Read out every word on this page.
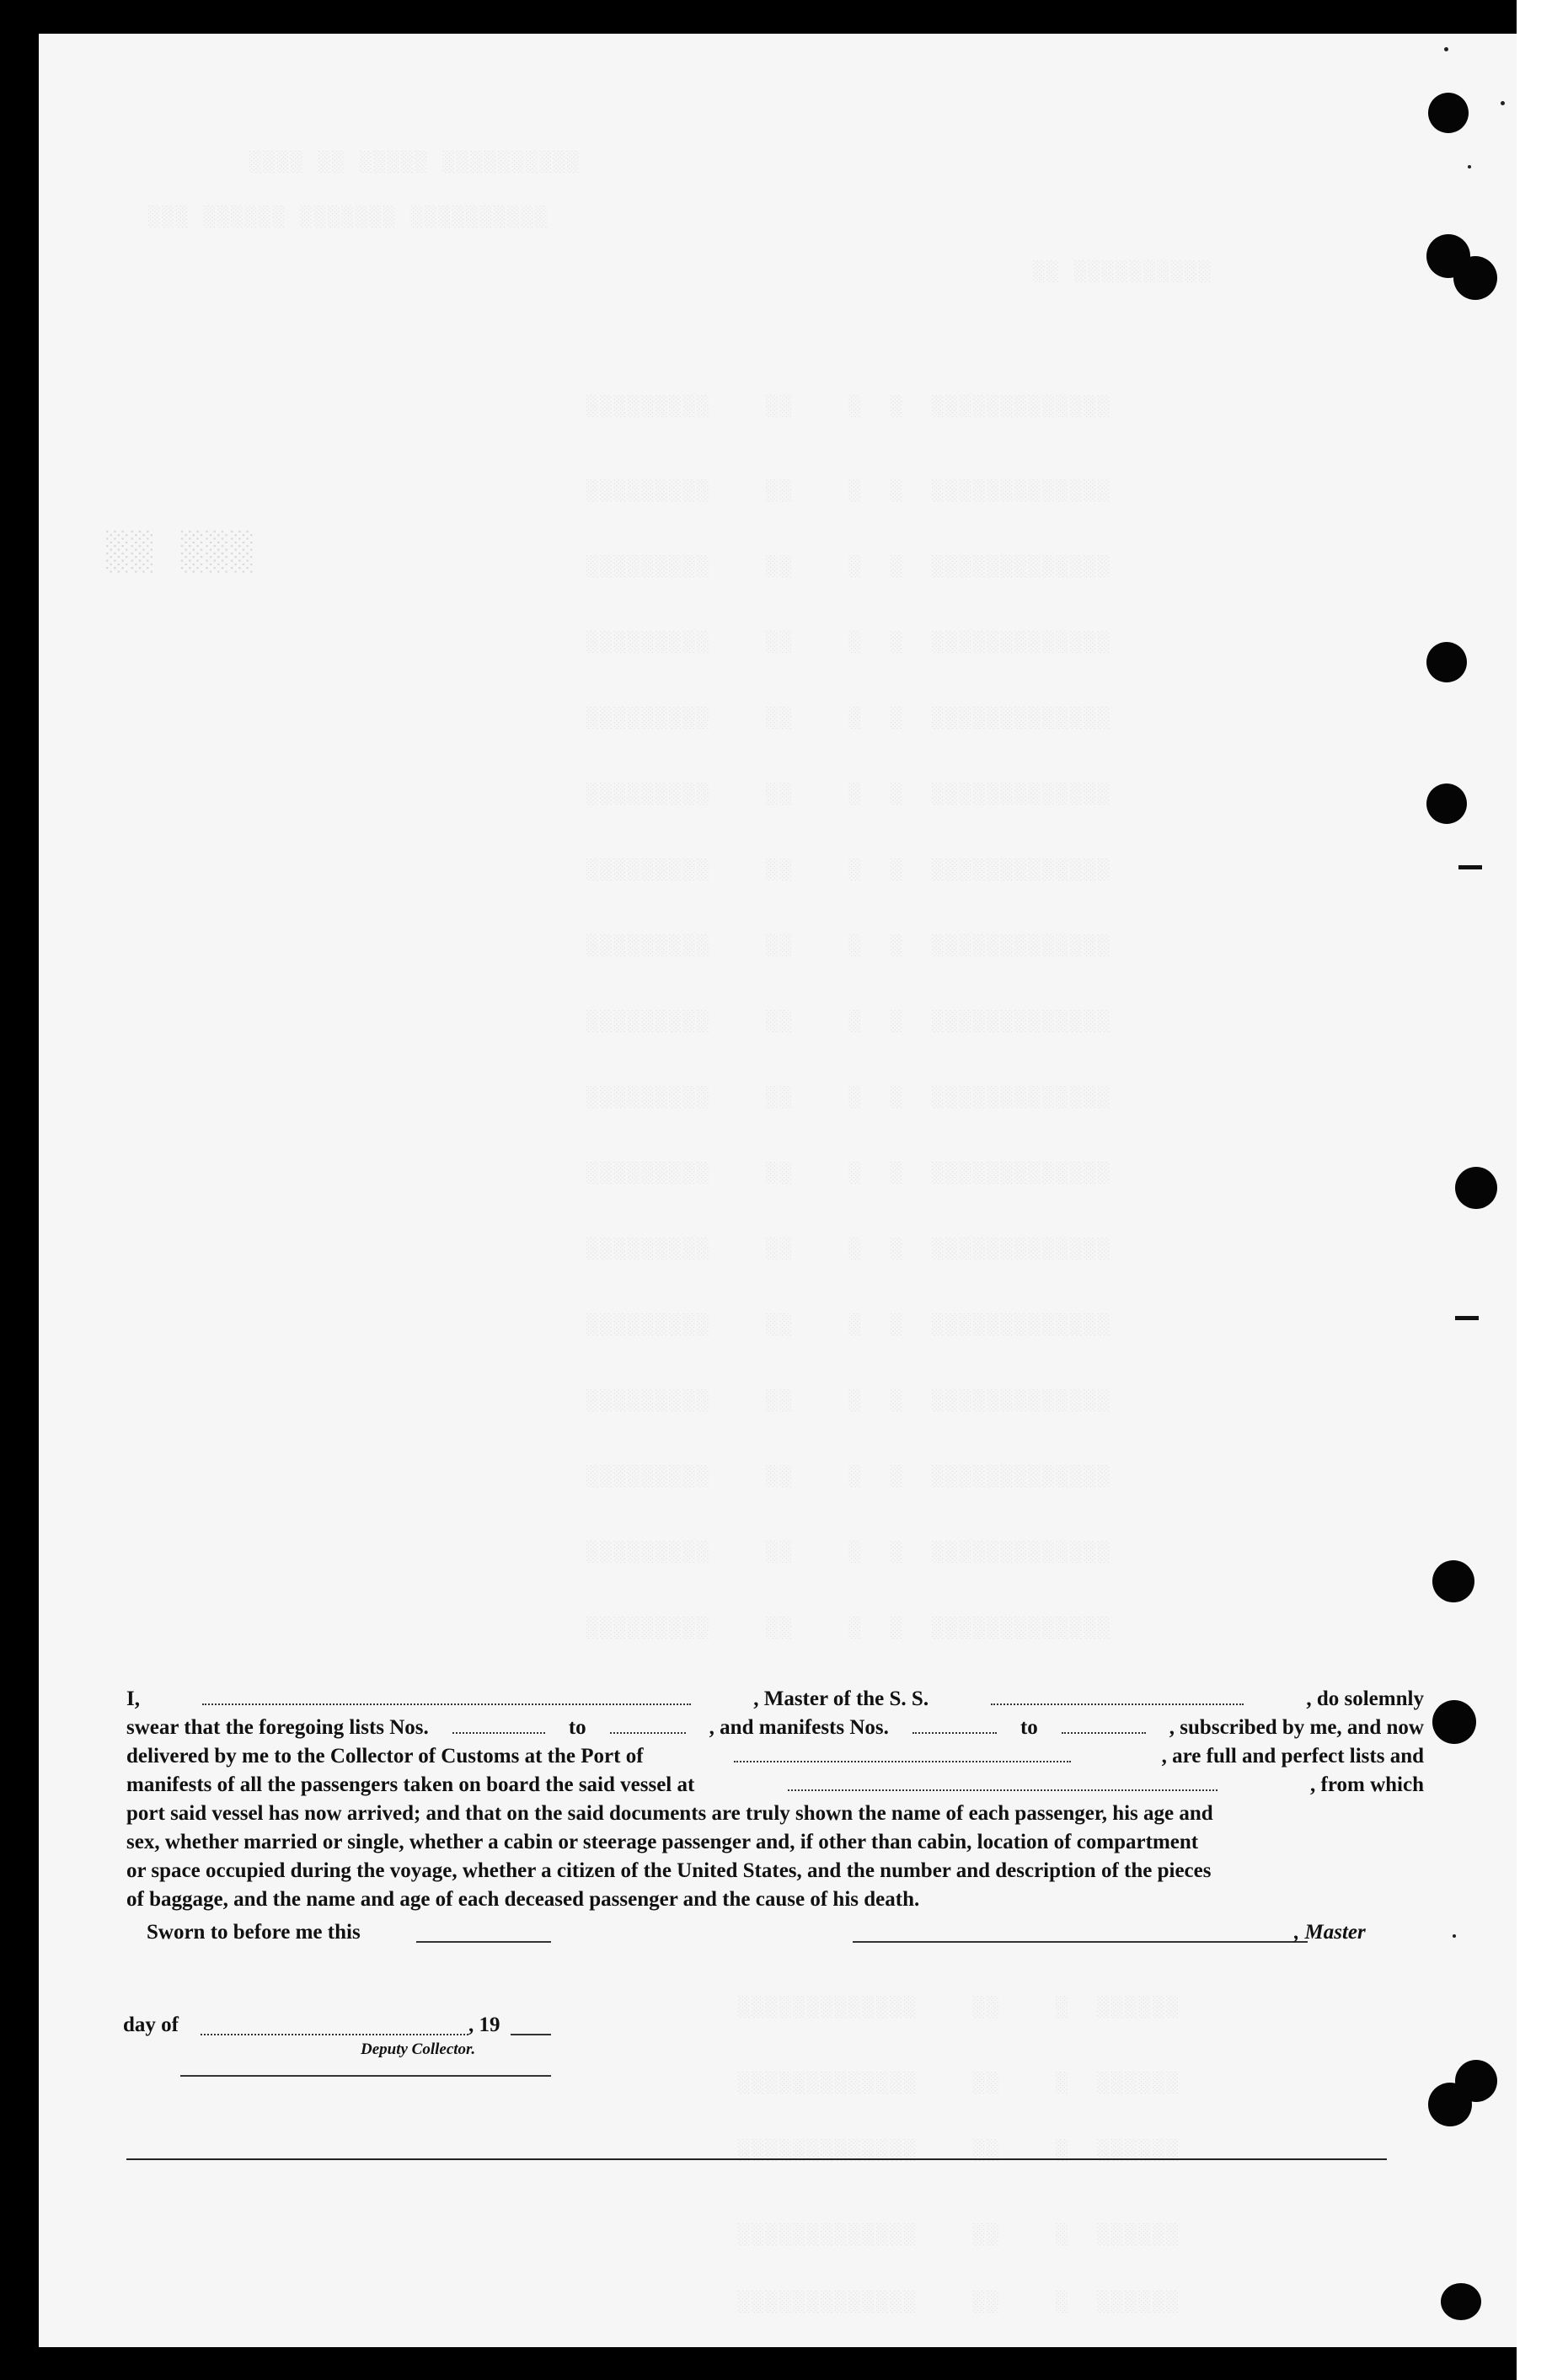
░░░░ ░░ ░░░░░ ░░░░░░░░░░
░░░ ░░░░░░ ░░░░░░░ ░░░░░░░░░░
░░ ░░░░░░░░░░
░░░░░░░░░    ░░    ░  ░  ░░░░░░░░░░░░░
░░░░░░░░░    ░░    ░  ░  ░░░░░░░░░░░░░
░░░░░░░░░    ░░    ░  ░  ░░░░░░░░░░░░░
░░░░░░░░░    ░░    ░  ░  ░░░░░░░░░░░░░
░░░░░░░░░    ░░    ░  ░  ░░░░░░░░░░░░░
░░░░░░░░░    ░░    ░  ░  ░░░░░░░░░░░░░
░░░░░░░░░    ░░    ░  ░  ░░░░░░░░░░░░░
░░░░░░░░░    ░░    ░  ░  ░░░░░░░░░░░░░
░░░░░░░░░    ░░    ░  ░  ░░░░░░░░░░░░░
░░░░░░░░░    ░░    ░  ░  ░░░░░░░░░░░░░
░░░░░░░░░    ░░    ░  ░  ░░░░░░░░░░░░░
░░░░░░░░░    ░░    ░  ░  ░░░░░░░░░░░░░
░░░░░░░░░    ░░    ░  ░  ░░░░░░░░░░░░░
░░░░░░░░░    ░░    ░  ░  ░░░░░░░░░░░░░
░░░░░░░░░    ░░    ░  ░  ░░░░░░░░░░░░░
░░░░░░░░░    ░░    ░  ░  ░░░░░░░░░░░░░
░░░░░░░░░    ░░    ░  ░  ░░░░░░░░░░░░░
░░░░░░░░░░░░░    ░░    ░  ░░░░░░
░░░░░░░░░░░░░    ░░    ░  ░░░░░░
░░░░░░░░░░░░░    ░░    ░  ░░░░░░
░░░░░░░░░░░░░    ░░    ░  ░░░░░░
░░░░░░░░░░░░░    ░░    ░  ░░░░░░
░░ ░░░
I,	, Master of the S. S.	, do solemnly
swear that the foregoing lists Nos.	to	, and manifests Nos.	to	, subscribed by me, and now
delivered by me to the Collector of Customs at the Port of	, are full and perfect lists and
manifests of all the passengers taken on board the said vessel at	, from which
port said vessel has now arrived; and that on the said documents are truly shown the name of each passenger, his age and
sex, whether married or single, whether a cabin or steerage passenger and, if other than cabin, location of compartment
or space occupied during the voyage, whether a citizen of the United States, and the number and description of the pieces
of baggage, and the name and age of each deceased passenger and the cause of his death.
Sworn to before me this	, Master
day of	, 19
Deputy Collector.
